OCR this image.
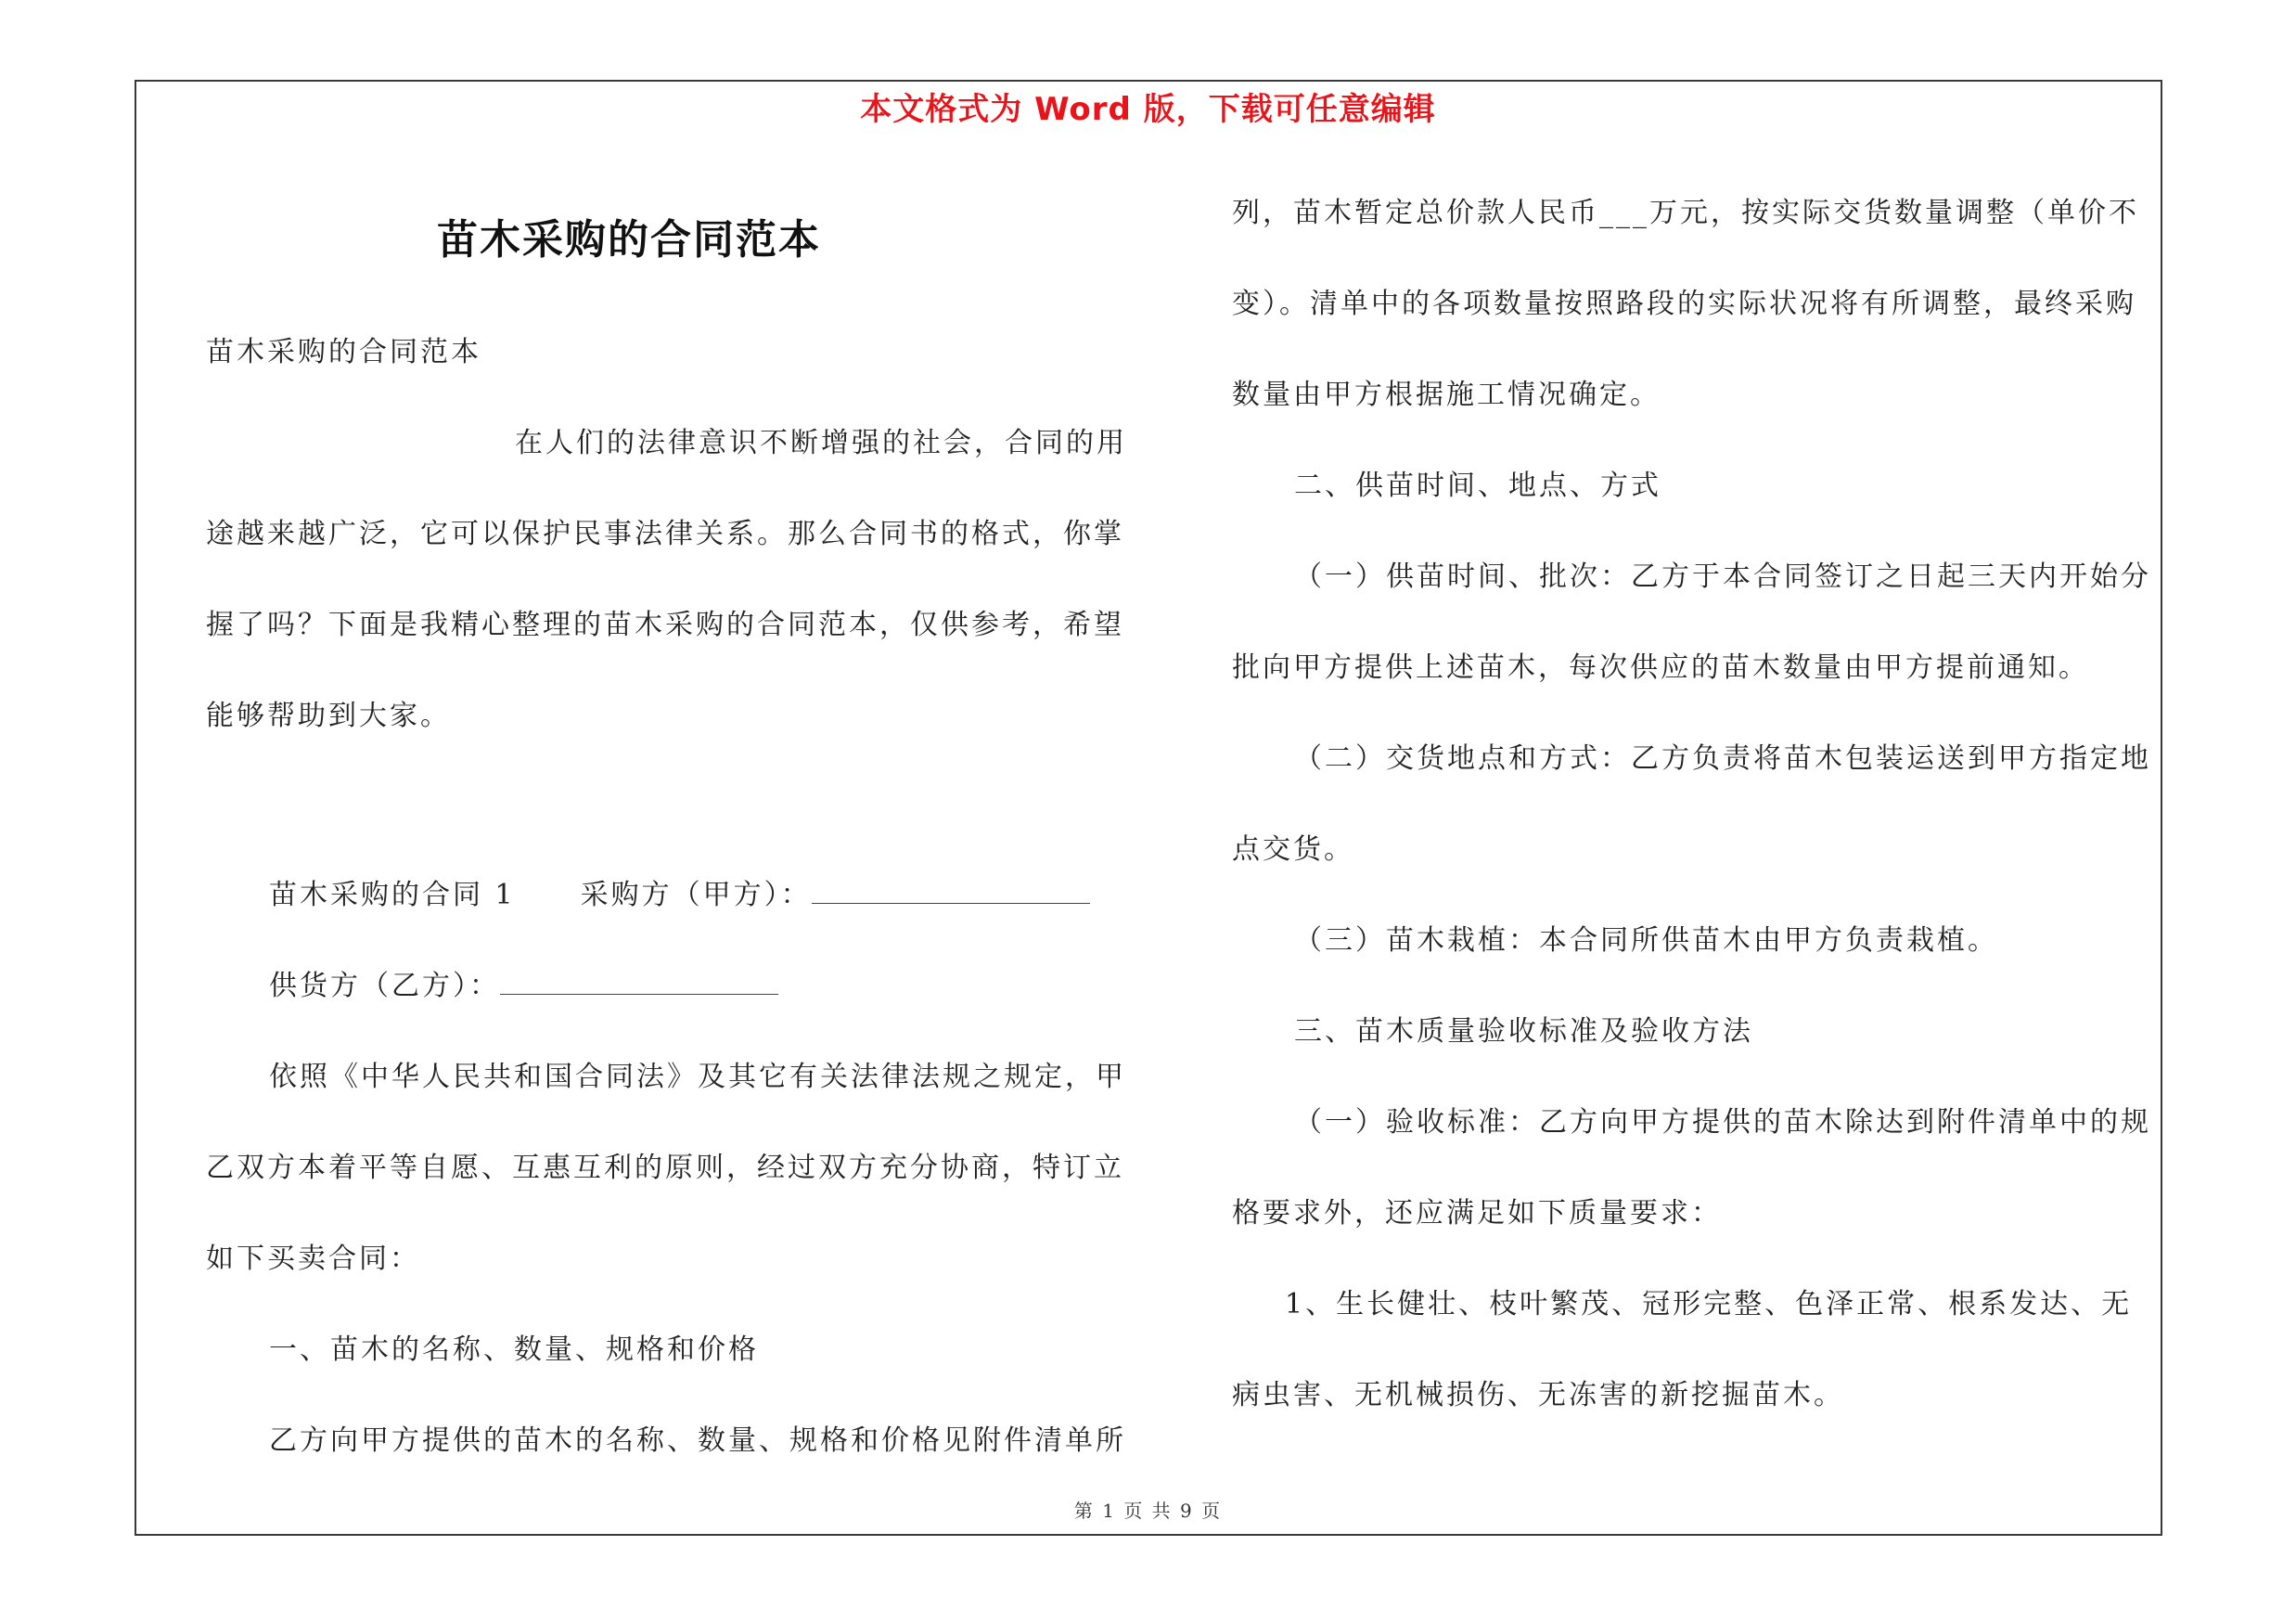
本文格式为 Word 版，下载可任意编辑
苗木采购的合同范本
苗木采购的合同范本
在人们的法律意识不断增强的社会，合同的用
途越来越广泛，它可以保护民事法律关系。那么合同书的格式，你掌
握了吗？下面是我精心整理的苗木采购的合同范本，仅供参考，希望
能够帮助到大家。
苗木采购的合同 1 采购方（甲方）：
供货方（乙方）：
依照《中华人民共和国合同法》及其它有关法律法规之规定，甲
乙双方本着平等自愿、互惠互利的原则，经过双方充分协商，特订立
如下买卖合同：
一、苗木的名称、数量、规格和价格
乙方向甲方提供的苗木的名称、数量、规格和价格见附件清单所
列，苗木暂定总价款人民币___万元，按实际交货数量调整（单价不
变）。清单中的各项数量按照路段的实际状况将有所调整，最终采购
数量由甲方根据施工情况确定。
二、供苗时间、地点、方式
（一）供苗时间、批次：乙方于本合同签订之日起三天内开始分
批向甲方提供上述苗木，每次供应的苗木数量由甲方提前通知。
（二）交货地点和方式：乙方负责将苗木包装运送到甲方指定地
点交货。
（三）苗木栽植：本合同所供苗木由甲方负责栽植。
三、苗木质量验收标准及验收方法
（一）验收标准：乙方向甲方提供的苗木除达到附件清单中的规
格要求外，还应满足如下质量要求：
1、生长健壮、枝叶繁茂、冠形完整、色泽正常、根系发达、无
病虫害、无机械损伤、无冻害的新挖掘苗木。
第 1 页 共 9 页
